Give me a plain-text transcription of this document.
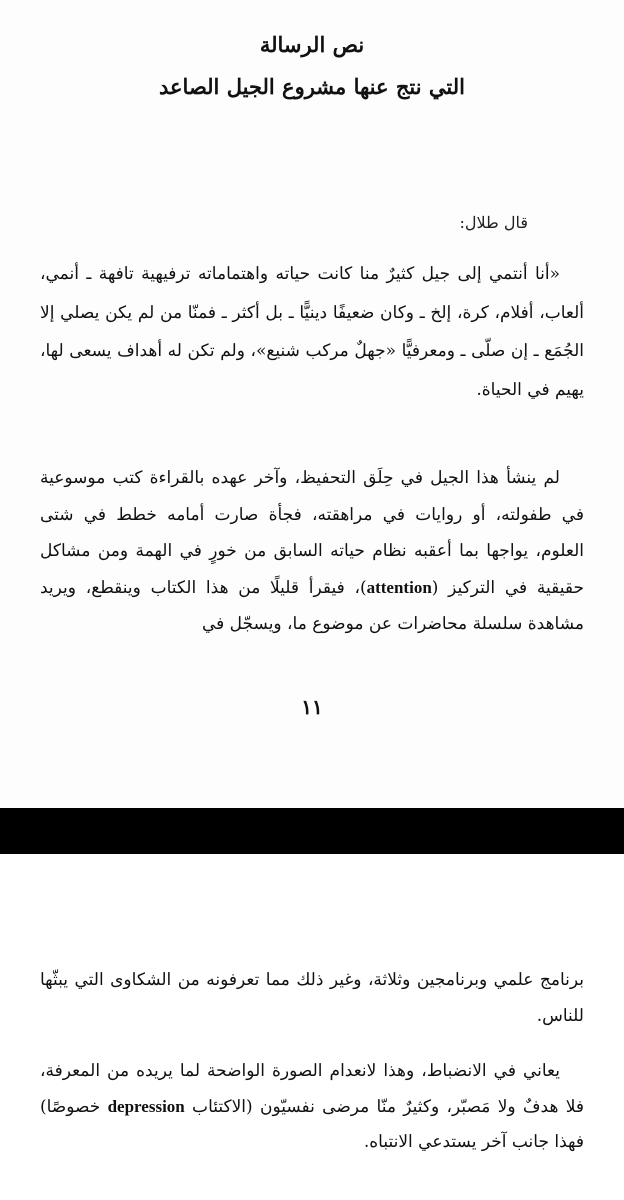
نص الرسالة
التي نتج عنها مشروع الجيل الصاعد
قال طلال:

«أنا أنتمي إلى جيل كثيرٌ منا كانت حياته واهتماماته ترفيهية تافهة ـ أنمي، ألعاب، أفلام، كرة، إلخ ـ وكان ضعيفًا دينيًّا ـ بل أكثر ـ فمنّا من لم يكن يصلي إلا الجُمَع ـ إن صلّى ـ ومعرفيًّا «جهلٌ مركب شنيع»، ولم تكن له أهداف يسعى لها، يهيم في الحياة.

لم ينشأ هذا الجيل في حِلَق التحفيظ، وآخر عهده بالقراءة كتب موسوعية في طفولته، أو روايات في مراهقته، فجأة صارت أمامه خطط في شتى العلوم، يواجها بما أعقبه نظام حياته السابق من خورٍ في الهمة ومن مشاكل حقيقية في التركيز (attention)، فيقرأ قليلًا من هذا الكتاب وينقطع، ويريد مشاهدة سلسلة محاضرات عن موضوع ما، ويسجّل في

١١

برنامج علمي وبرنامجين وثلاثة، وغير ذلك مما تعرفونه من الشكاوى التي يبثّها للناس.

يعاني في الانضباط، وهذا لانعدام الصورة الواضحة لما يريده من المعرفة، فلا هدفٌ ولا مَصبّر، وكثيرٌ منّا مرضى نفسيّون (الاكتئاب depression خصوصًا) فهذا جانب آخر يستدعي الانتباه.
